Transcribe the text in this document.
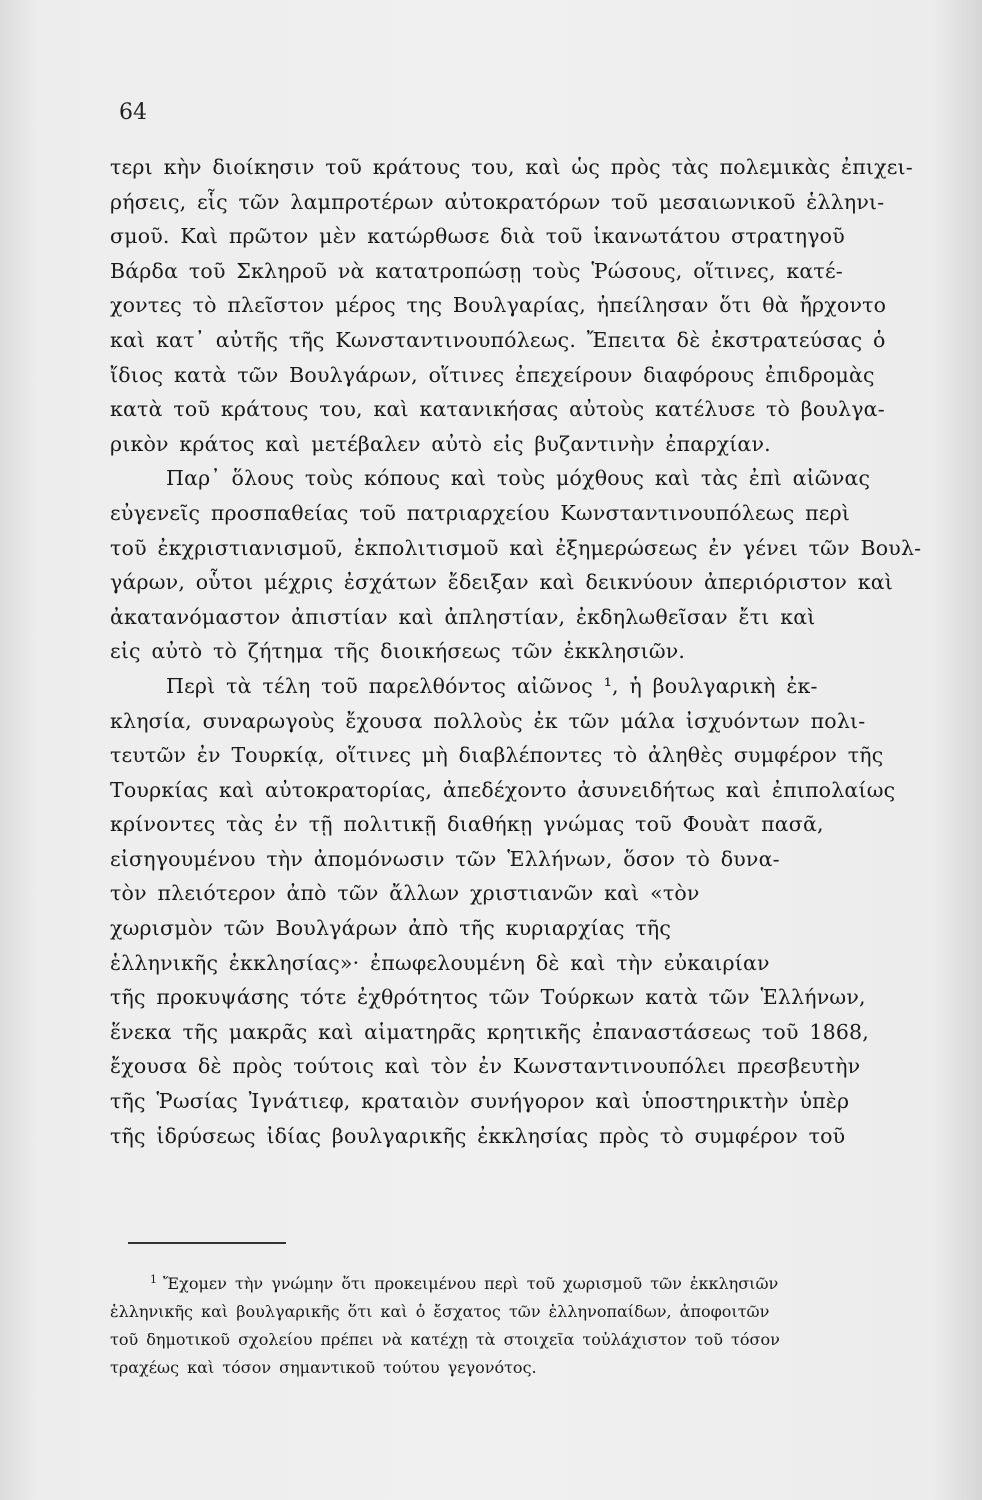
64
τερι κὴν διοίκησιν τοῦ κράτους του, καὶ ὡς πρὸς τὰς πολεμικὰς ἐπιχει-
ρήσεις, εἷς τῶν λαμπροτέρων αὐτοκρατόρων τοῦ μεσαιωνικοῦ ἑλληνι-
σμοῦ. Καὶ πρῶτον μὲν κατώρθωσε διὰ τοῦ ἱκανωτάτου στρατηγοῦ
Βάρδα τοῦ Σκληροῦ νὰ κατατροπώσῃ τοὺς Ῥώσους, οἵτινες, κατέ-
χοντες τὸ πλεῖστον μέρος της Βουλγαρίας, ἠπείλησαν ὅτι θὰ ἤρχοντο
καὶ κατ᾽ αὐτῆς τῆς Κωνσταντινουπόλεως. Ἔπειτα δὲ ἐκστρατεύσας ὁ
ἴδιος κατὰ τῶν Βουλγάρων, οἵτινες ἐπεχείρουν διαφόρους ἐπιδρομὰς
κατὰ τοῦ κράτους του, καὶ κατανικήσας αὐτοὺς κατέλυσε τὸ βουλγα-
ρικὸν κράτος καὶ μετέβαλεν αὐτὸ εἰς βυζαντινὴν ἐπαρχίαν.
Παρ᾽ ὅλους τοὺς κόπους καὶ τοὺς μόχθους καὶ τὰς ἐπὶ αἰῶνας
εὐγενεῖς προσπαθείας τοῦ πατριαρχείου Κωνσταντινουπόλεως περὶ
τοῦ ἐκχριστιανισμοῦ, ἐκπολιτισμοῦ καὶ ἐξημερώσεως ἐν γένει τῶν Βουλ-
γάρων, οὗτοι μέχρις ἐσχάτων ἔδειξαν καὶ δεικνύουν ἀπεριόριστον καὶ
ἀκατανόμαστον ἀπιστίαν καὶ ἀπληστίαν, ἐκδηλωθεῖσαν ἔτι καὶ
εἰς αὐτὸ τὸ ζήτημα τῆς διοικήσεως τῶν ἐκκλησιῶν.
Περὶ τὰ τέλη τοῦ παρελθόντος αἰῶνος ¹, ἡ βουλγαρικὴ ἐκ-
κλησία, συναρωγοὺς ἔχουσα πολλοὺς ἐκ τῶν μάλα ἰσχυόντων πολι-
τευτῶν ἐν Τουρκίᾳ, οἵτινες μὴ διαβλέποντες τὸ ἀληθὲς συμφέρον τῆς
Τουρκίας καὶ αὐτοκρατορίας, ἀπεδέχοντο ἀσυνειδήτως καὶ ἐπιπολαίως
κρίνοντες τὰς ἐν τῇ πολιτικῇ διαθήκῃ γνώμας τοῦ Φουὰτ πασᾶ,
εἰσηγουμένου τὴν ἀπομόνωσιν τῶν Ἑλλήνων, ὅσον τὸ δυνα-
τὸν πλειότερον ἀπὸ τῶν ἄλλων χριστιανῶν καὶ «τὸν
χωρισμὸν τῶν Βουλγάρων ἀπὸ τῆς κυριαρχίας τῆς
ἑλληνικῆς ἐκκλησίας»· ἐπωφελουμένη δὲ καὶ τὴν εὐκαιρίαν
τῆς προκυψάσης τότε ἐχθρότητος τῶν Τούρκων κατὰ τῶν Ἑλλήνων,
ἕνεκα τῆς μακρᾶς καὶ αἱματηρᾶς κρητικῆς ἐπαναστάσεως τοῦ 1868,
ἔχουσα δὲ πρὸς τούτοις καὶ τὸν ἐν Κωνσταντινουπόλει πρεσβευτὴν
τῆς Ῥωσίας Ἰγνάτιεφ, κραταιὸν συνήγορον καὶ ὑποστηρικτὴν ὑπὲρ
τῆς ἱδρύσεως ἰδίας βουλγαρικῆς ἐκκλησίας πρὸς τὸ συμφέρον τοῦ
$^1$ Ἔχομεν τὴν γνώμην ὅτι προκειμένου περὶ τοῦ χωρισμοῦ τῶν ἐκκλησιῶν
ἑλληνικῆς καὶ βουλγαρικῆς ὅτι καὶ ὁ ἔσχατος τῶν ἑλληνοπαίδων, ἀποφοιτῶν
τοῦ δημοτικοῦ σχολείου πρέπει νὰ κατέχῃ τὰ στοιχεῖα τοὐλάχιστον τοῦ τόσον
τραχέως καὶ τόσον σημαντικοῦ τούτου γεγονότος.
